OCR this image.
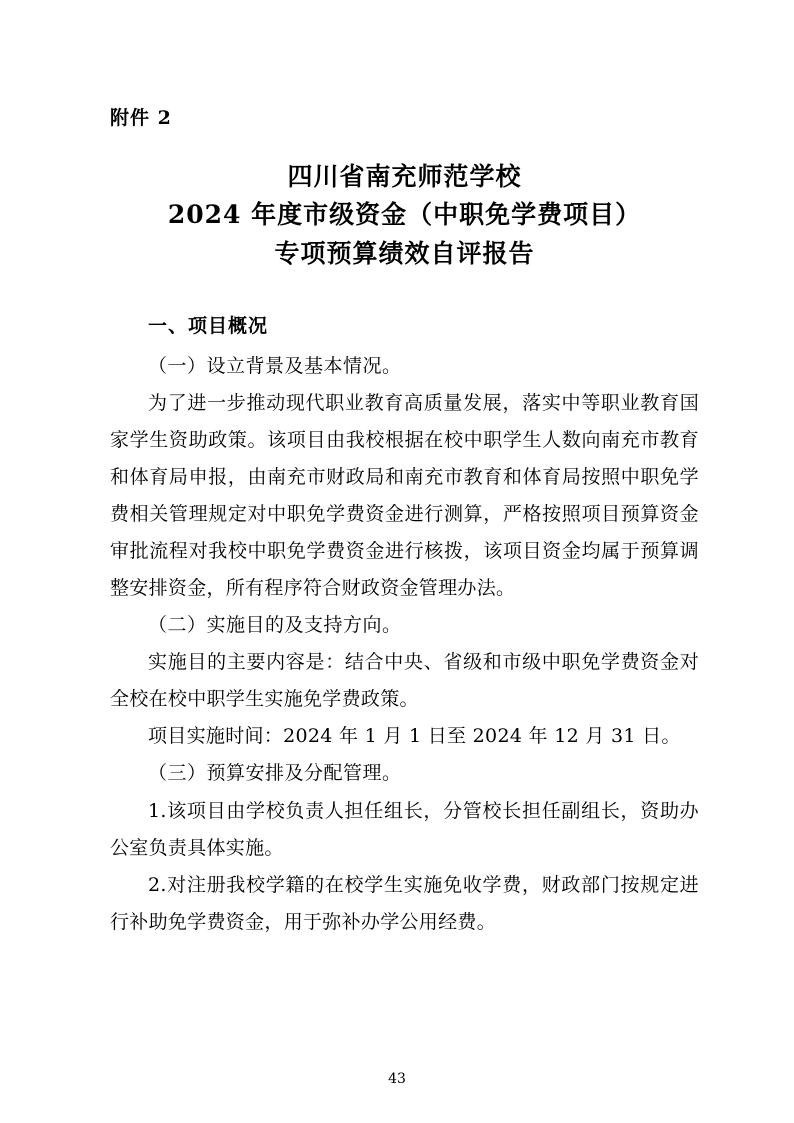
附件 2
四川省南充师范学校
2024 年度市级资金（中职免学费项目）
专项预算绩效自评报告
一、项目概况
（一）设立背景及基本情况。

为了进一步推动现代职业教育高质量发展，落实中等职业教育国家学生资助政策。该项目由我校根据在校中职学生人数向南充市教育和体育局申报，由南充市财政局和南充市教育和体育局按照中职免学费相关管理规定对中职免学费资金进行测算，严格按照项目预算资金审批流程对我校中职免学费资金进行核拨，该项目资金均属于预算调整安排资金，所有程序符合财政资金管理办法。

（二）实施目的及支持方向。

实施目的主要内容是：结合中央、省级和市级中职免学费资金对全校在校中职学生实施免学费政策。

项目实施时间：2024 年 1 月 1 日至 2024 年 12 月 31 日。

（三）预算安排及分配管理。

1.该项目由学校负责人担任组长，分管校长担任副组长，资助办公室负责具体实施。

2.对注册我校学籍的在校学生实施免收学费，财政部门按规定进行补助免学费资金，用于弥补办学公用经费。

43
